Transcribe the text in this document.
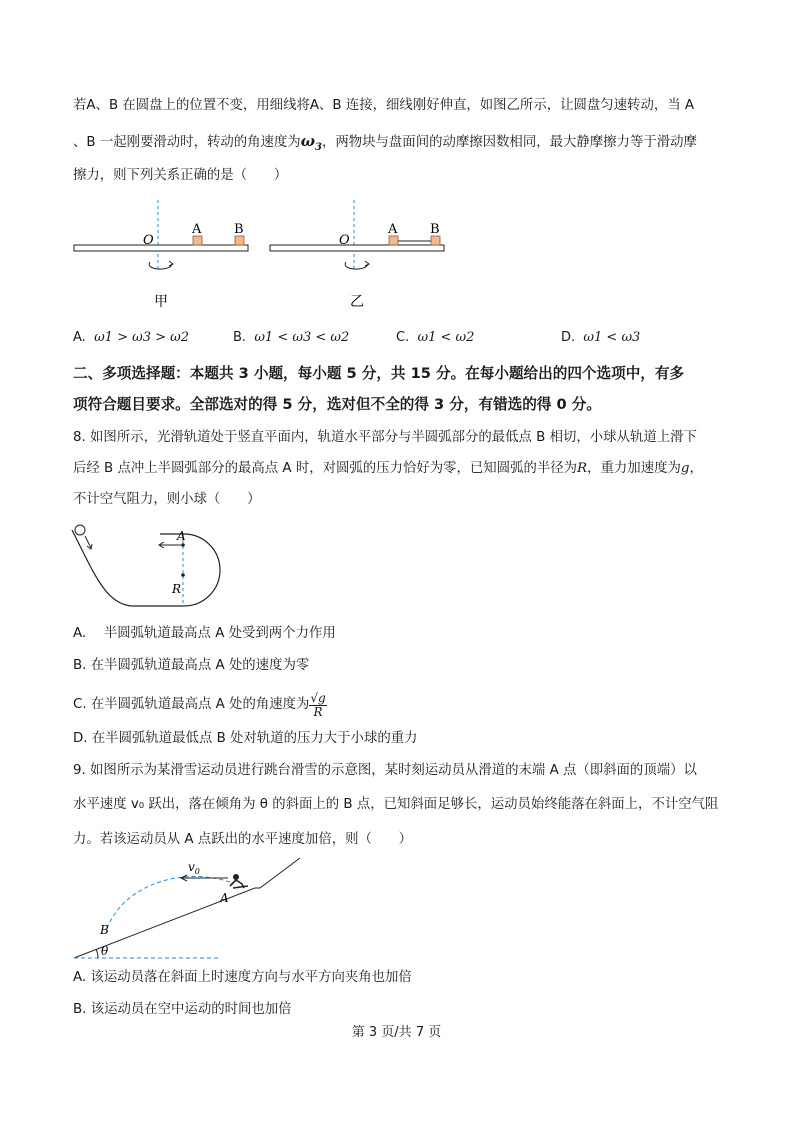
若A、B 在圆盘上的位置不变，用细线将A、B 连接，细线刚好伸直，如图乙所示，让圆盘匀速转动，当 A
、B 一起刚要滑动时，转动的角速度为$\omega_3$，两物块与盘面间的动摩擦因数相同，最大静摩擦力等于滑动摩
擦力，则下列关系正确的是（　　）
O
A	B
甲
O
A	B
乙
A. ω1 > ω3 > ω2	B. ω1 < ω3 < ω2	C. ω1 < ω2	D. ω1 < ω3
二、多项选择题：本题共 3 小题，每小题 5 分，共 15 分。在每小题给出的四个选项中，有多
项符合题目要求。全部选对的得 5 分，选对但不全的得 3 分，有错选的得 0 分。
8. 如图所示，光滑轨道处于竖直平面内，轨道水平部分与半圆弧部分的最低点 B 相切，小球从轨道上滑下
后经 B 点冲上半圆弧部分的最高点 A 时，对圆弧的压力恰好为零，已知圆弧的半径为R，重力加速度为g，
不计空气阻力，则小球（　　）
A
R
A.　 半圆弧轨道最高点 A 处受到两个力作用
B. 在半圆弧轨道最高点 A 处的速度为零
C. 在半圆弧轨道最高点 A 处的角速度为 $\frac{√g}{R}$
D. 在半圆弧轨道最低点 B 处对轨道的压力大于小球的重力
9. 如图所示为某滑雪运动员进行跳台滑雪的示意图，某时刻运动员从滑道的末端 A 点（即斜面的顶端）以
水平速度 v₀ 跃出，落在倾角为 θ 的斜面上的 B 点，已知斜面足够长，运动员始终能落在斜面上，不计空气阻
力。若该运动员从 A 点跃出的水平速度加倍，则（　　）
$v_0$
A
B
θ
A. 该运动员落在斜面上时速度方向与水平方向夹角也加倍
B. 该运动员在空中运动的时间也加倍
第 3 页/共 7 页
